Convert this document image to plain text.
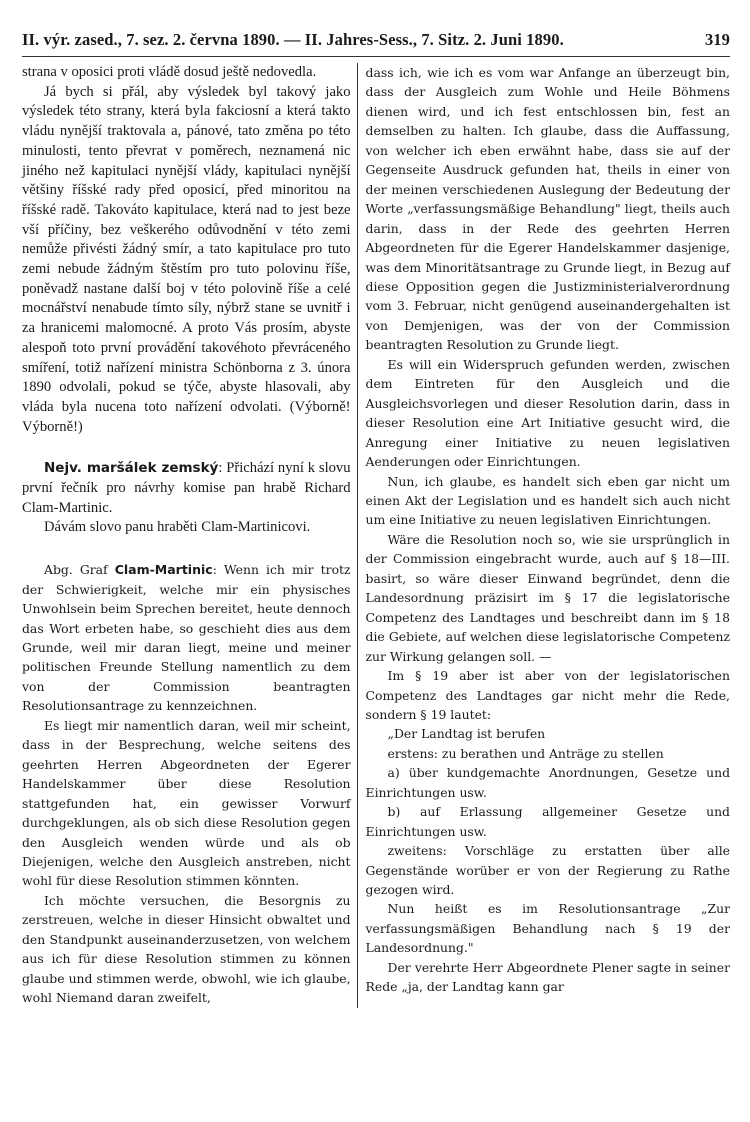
II. výr. zased., 7. sez. 2. června 1890. — II. Jahres-Sess., 7. Sitz. 2. Juni 1890.	319

strana v oposici proti vládě dosud ještě nedovedla.

Já bych si přál, aby výsledek byl takový jako výsledek této strany, která byla fakciosní a která takto vládu nynější traktovala a, pánové, tato změna po této minulosti, tento převrat v poměrech, neznamená nic jiného než kapitulaci nynější vlády, kapitulaci nynější většiny říšské rady před oposicí, před minoritou na říšské radě. Takováto kapitulace, která nad to jest beze vší příčiny, bez veškerého odůvodnění v této zemi nemůže přivésti žádný smír, a tato kapitulace pro tuto zemi nebude žádným štěstím pro tuto polovinu říše, poněvadž nastane další boj v této polovině říše a celé mocnářství nenabude tímto síly, nýbrž stane se uvnitř i za hranicemi malomocné. A proto Vás prosím, abyste alespoň toto první provádění takovéhoto převráceného smíření, totiž nařízení ministra Schönborna z 3. února 1890 odvolali, pokud se týče, abyste hlasovali, aby vláda byla nucena toto nařízení odvolati. (Výborně! Výborně!)

Nejv. maršálek zemský: Přichází nyní k slovu první řečník pro návrhy komise pan hrabě Richard Clam-Martinic.

Dávám slovo panu hraběti Clam-Martinicovi.

Abg. Graf Clam-Martinic: Wenn ich mir trotz der Schwierigkeit, welche mir ein physisches Unwohlsein beim Sprechen bereitet, heute dennoch das Wort erbeten habe, so geschieht dies aus dem Grunde, weil mir daran liegt, meine und meiner politischen Freunde Stellung namentlich zu dem von der Commission beantragten Resolutionsantrage zu kennzeichnen.

Es liegt mir namentlich daran, weil mir scheint, dass in der Besprechung, welche seitens des geehrten Herren Abgeordneten der Egerer Handelskammer über diese Resolution stattgefunden hat, ein gewisser Vorwurf durchgeklungen, als ob sich diese Resolution gegen den Ausgleich wenden würde und als ob Diejenigen, welche den Ausgleich anstreben, nicht wohl für diese Resolution stimmen könnten.

Ich möchte versuchen, die Besorgnis zu zerstreuen, welche in dieser Hinsicht obwaltet und den Standpunkt auseinanderzusetzen, von welchem aus ich für diese Resolution stimmen zu können glaube und stimmen werde, obwohl, wie ich glaube, wohl Niemand daran zweifelt,

dass ich, wie ich es vom war Anfange an überzeugt bin, dass der Ausgleich zum Wohle und Heile Böhmens dienen wird, und ich fest entschlossen bin, fest an demselben zu halten. Ich glaube, dass die Auffassung, von welcher ich eben erwähnt habe, dass sie auf der Gegenseite Ausdruck gefunden hat, theils in einer von der meinen verschiedenen Auslegung der Bedeutung der Worte „verfassungsmäßige Behandlung" liegt, theils auch darin, dass in der Rede des geehrten Herren Abgeordneten für die Egerer Handelskammer dasjenige, was dem Minoritätsantrage zu Grunde liegt, in Bezug auf diese Opposition gegen die Justizministerialverordnung vom 3. Februar, nicht genügend auseinandergehalten ist von Demjenigen, was der von der Commission beantragten Resolution zu Grunde liegt.

Es will ein Widerspruch gefunden werden, zwischen dem Eintreten für den Ausgleich und die Ausgleichsvorlegen und dieser Resolution darin, dass in dieser Resolution eine Art Initiative gesucht wird, die Anregung einer Initiative zu neuen legislativen Aenderungen oder Einrichtungen.

Nun, ich glaube, es handelt sich eben gar nicht um einen Akt der Legislation und es handelt sich auch nicht um eine Initiative zu neuen legislativen Einrichtungen.

Wäre die Resolution noch so, wie sie ursprünglich in der Commission eingebracht wurde, auch auf § 18—III. basirt, so wäre dieser Einwand begründet, denn die Landesordnung präzisirt im § 17 die legislatorische Competenz des Landtages und beschreibt dann im § 18 die Gebiete, auf welchen diese legislatorische Competenz zur Wirkung gelangen soll. —

Im § 19 aber ist aber von der legislatorischen Competenz des Landtages gar nicht mehr die Rede, sondern § 19 lautet:

„Der Landtag ist berufen

erstens: zu berathen und Anträge zu stellen

a) über kundgemachte Anordnungen, Gesetze und Einrichtungen usw.

b) auf Erlassung allgemeiner Gesetze und Einrichtungen usw.

zweitens: Vorschläge zu erstatten über alle Gegenstände worüber er von der Regierung zu Rathe gezogen wird.

Nun heißt es im Resolutionsantrage „Zur verfassungsmäßigen Behandlung nach § 19 der Landesordnung."

Der verehrte Herr Abgeordnete Plener sagte in seiner Rede „ja, der Landtag kann gar
